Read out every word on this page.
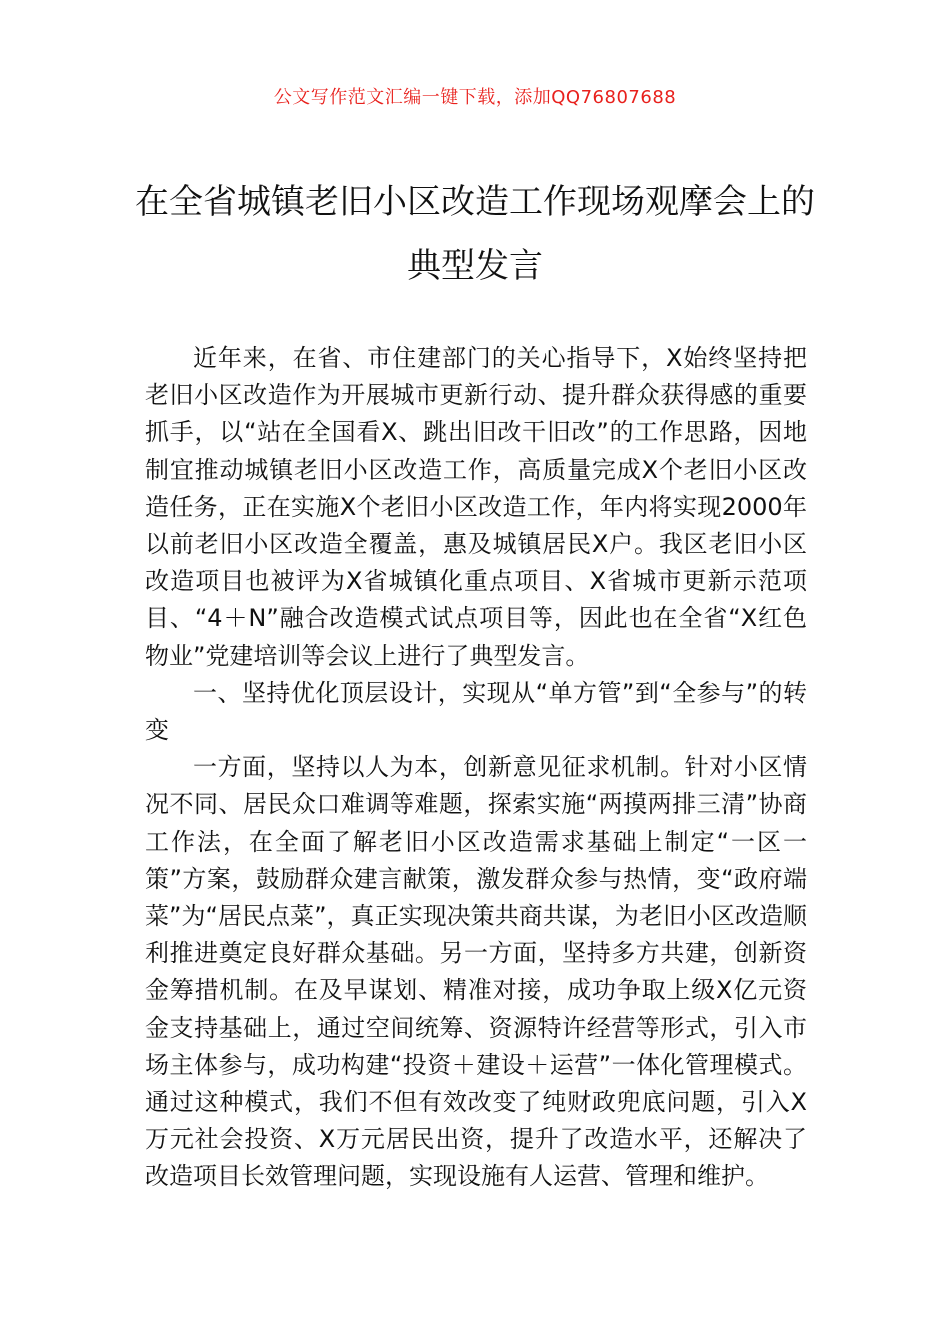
公文写作范文汇编一键下载，添加QQ76807688
在全省城镇老旧小区改造工作现场观摩会上的典型发言

近年来，在省、市住建部门的关心指导下，X始终坚持把老旧小区改造作为开展城市更新行动、提升群众获得感的重要抓手，以“站在全国看X、跳出旧改干旧改”的工作思路，因地制宜推动城镇老旧小区改造工作，高质量完成X个老旧小区改造任务，正在实施X个老旧小区改造工作，年内将实现2000年以前老旧小区改造全覆盖，惠及城镇居民X户。我区老旧小区改造项目也被评为X省城镇化重点项目、X省城市更新示范项目、“4＋N”融合改造模式试点项目等，因此也在全省“X红色物业”党建培训等会议上进行了典型发言。

一、坚持优化顶层设计，实现从“单方管”到“全参与”的转变

一方面，坚持以人为本，创新意见征求机制。针对小区情况不同、居民众口难调等难题，探索实施“两摸两排三清”协商工作法，在全面了解老旧小区改造需求基础上制定“一区一策”方案，鼓励群众建言献策，激发群众参与热情，变“政府端菜”为“居民点菜”，真正实现决策共商共谋，为老旧小区改造顺利推进奠定良好群众基础。另一方面，坚持多方共建，创新资金筹措机制。在及早谋划、精准对接，成功争取上级X亿元资金支持基础上，通过空间统筹、资源特许经营等形式，引入市场主体参与，成功构建“投资＋建设＋运营”一体化管理模式。通过这种模式，我们不但有效改变了纯财政兜底问题，引入X万元社会投资、X万元居民出资，提升了改造水平，还解决了改造项目长效管理问题，实现设施有人运营、管理和维护。
